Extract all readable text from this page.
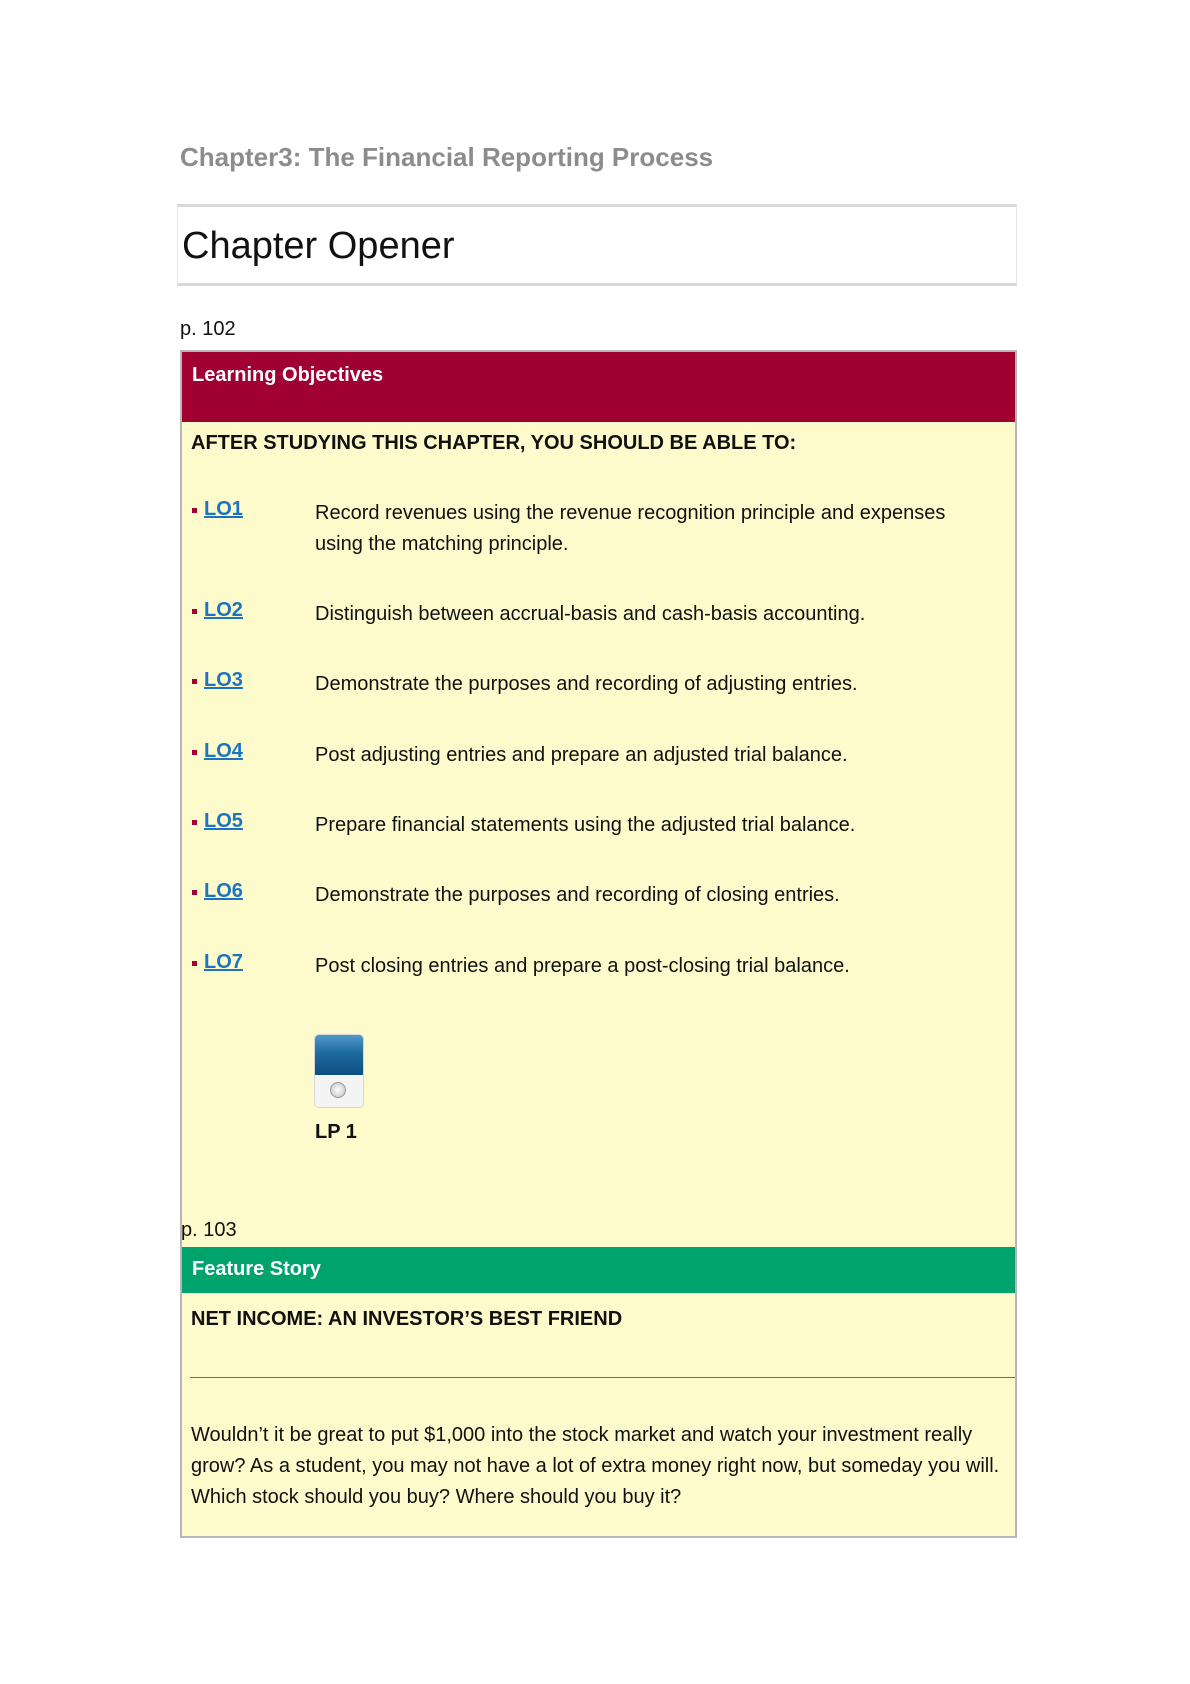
Chapter3: The Financial Reporting Process
Chapter Opener
p. 102
Learning Objectives
AFTER STUDYING THIS CHAPTER, YOU SHOULD BE ABLE TO:
LO1	Record revenues using the revenue recognition principle and expenses using the matching principle.
LO2	Distinguish between accrual-basis and cash-basis accounting.
LO3	Demonstrate the purposes and recording of adjusting entries.
LO4	Post adjusting entries and prepare an adjusted trial balance.
LO5	Prepare financial statements using the adjusted trial balance.
LO6	Demonstrate the purposes and recording of closing entries.
LO7	Post closing entries and prepare a post-closing trial balance.
LP 1
p. 103
Feature Story
NET INCOME: AN INVESTOR’S BEST FRIEND

Wouldn’t it be great to put $1,000 into the stock market and watch your investment really grow? As a student, you may not have a lot of extra money right now, but someday you will. Which stock should you buy? Where should you buy it?
